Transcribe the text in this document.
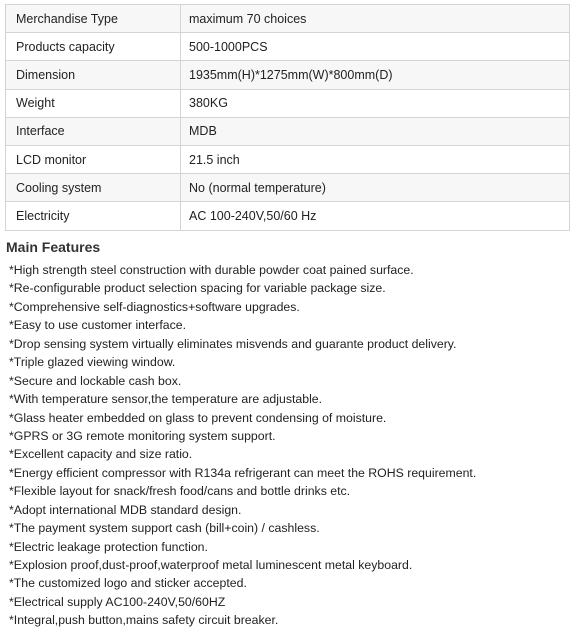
Merchandise Type	maximum 70 choices
Products capacity	500-1000PCS
Dimension	1935mm(H)*1275mm(W)*800mm(D)
Weight	380KG
Interface	MDB
LCD monitor	21.5 inch
Cooling system	No (normal temperature)
Electricity	AC 100-240V,50/60 Hz
Main Features
*High strength steel construction with durable powder coat pained surface.
*Re-configurable product selection spacing for variable package size.
*Comprehensive self-diagnostics+software upgrades.
*Easy to use customer interface.
*Drop sensing system virtually eliminates misvends and guarante product delivery.
*Triple glazed viewing window.
*Secure and lockable cash box.
*With temperature sensor,the temperature are adjustable.
*Glass heater embedded on glass to prevent condensing of moisture.
*GPRS or 3G remote monitoring system support.
*Excellent capacity and size ratio.
*Energy efficient compressor with R134a refrigerant can meet the ROHS requirement.
*Flexible layout for snack/fresh food/cans and bottle drinks etc.
*Adopt international MDB standard design.
*The payment system support cash (bill+coin) / cashless.
*Electric leakage protection function.
*Explosion proof,dust-proof,waterproof metal luminescent metal keyboard.
*The customized logo and sticker accepted.
*Electrical supply AC100-240V,50/60HZ
*Integral,push button,mains safety circuit breaker.
